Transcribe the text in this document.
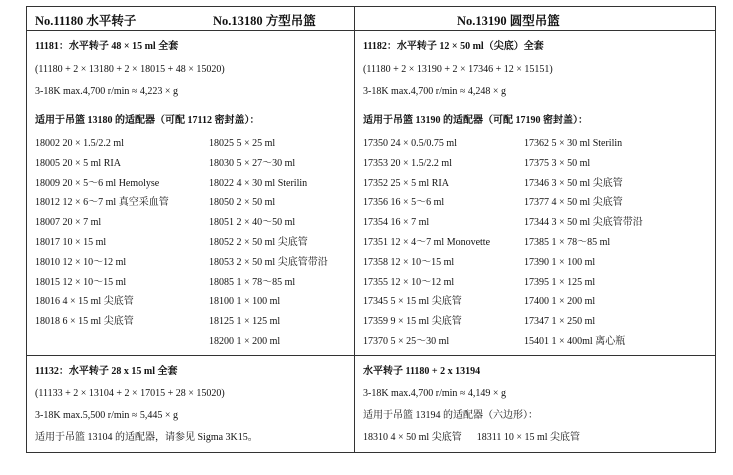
No.11180 水平转子	No.13180 方型吊篮	No.13190 圆型吊篮
11181：水平转子 48 × 15 ml 全套
(11180 + 2 × 13180 + 2 × 18015 + 48 × 15020)
3-18K max.4,700 r/min ≈ 4,223 × g
适用于吊篮 13180 的适配器（可配 17112 密封盖）：
18002 20 × 1.5/2.2 ml
18005 20 × 5 ml RIA
18009 20 × 5～6 ml Hemolyse
18012 12 × 6～7 ml 真空采血管
18007 20 × 7 ml
18017 10 × 15 ml
18010 12 × 10～12 ml
18015 12 × 10～15 ml
18016 4 × 15 ml 尖底管
18018 6 × 15 ml 尖底管
18025 5 × 25 ml
18030 5 × 27～30 ml
18022 4 × 30 ml Sterilin
18050 2 × 50 ml
18051 2 × 40～50 ml
18052 2 × 50 ml 尖底管
18053 2 × 50 ml 尖底管带沿
18085 1 × 78～85 ml
18100 1 × 100 ml
18125 1 × 125 ml
18200 1 × 200 ml
11182：水平转子 12 × 50 ml（尖底）全套
(11180 + 2 × 13190 + 2 × 17346 + 12 × 15151)
3-18K max.4,700 r/min ≈ 4,248 × g
适用于吊篮 13190 的适配器（可配 17190 密封盖）：
17350 24 × 0.5/0.75 ml
17353 20 × 1.5/2.2 ml
17352 25 × 5 ml RIA
17356 16 × 5～6 ml
17354 16 × 7 ml
17351 12 × 4～7 ml Monovette
17358 12 × 10～15 ml
17355 12 × 10～12 ml
17345 5 × 15 ml 尖底管
17359 9 × 15 ml 尖底管
17370 5 × 25～30 ml
17362 5 × 30 ml Sterilin
17375 3 × 50 ml
17346 3 × 50 ml 尖底管
17377 4 × 50 ml 尖底管
17344 3 × 50 ml 尖底管带沿
17385 1 × 78～85 ml
17390 1 × 100 ml
17395 1 × 125 ml
17400 1 × 200 ml
17347 1 × 250 ml
15401 1 × 400ml 离心瓶
11132：水平转子 28 x 15 ml 全套
(11133 + 2 × 13104 + 2 × 17015 + 28 × 15020)
3-18K max.5,500 r/min ≈ 5,445 × g
适用于吊篮 13104 的适配器，请参见 Sigma 3K15。
水平转子 11180 + 2 x 13194
3-18K max.4,700 r/min ≈ 4,149 × g
适用于吊篮 13194 的适配器（六边形）：
18310 4 × 50 ml 尖底管      18311 10 × 15 ml 尖底管
